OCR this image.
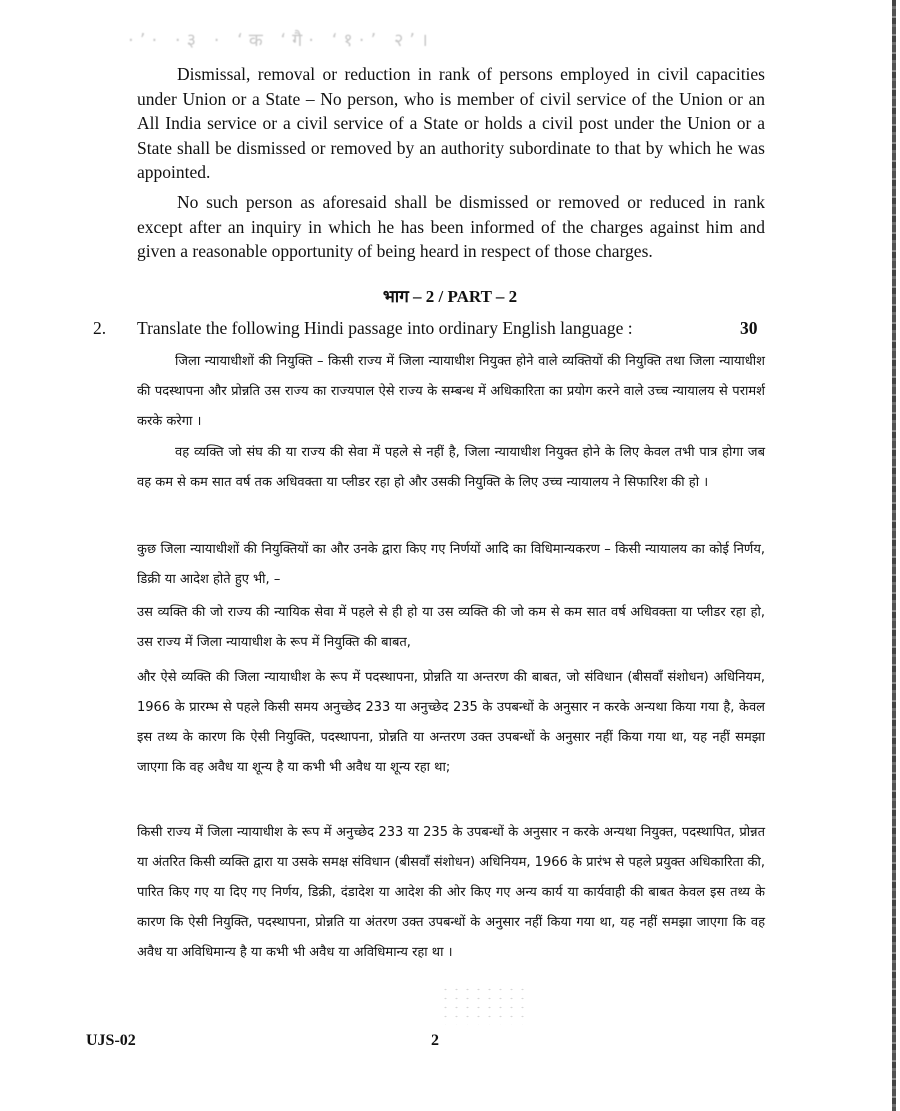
·’· ·३ · ‘क ‘गै· ‘१·’ २’।

Dismissal, removal or reduction in rank of persons employed in civil capacities under Union or a State – No person, who is member of civil service of the Union or an All India service or a civil service of a State or holds a civil post under the Union or a State shall be dismissed or removed by an authority subordinate to that by which he was appointed.

No such person as aforesaid shall be dismissed or removed or reduced in rank except after an inquiry in which he has been informed of the charges against him and given a reasonable opportunity of being heard in respect of those charges.

भाग – 2 / PART – 2
2. Translate the following Hindi passage into ordinary English language :	30

जिला न्यायाधीशों की नियुक्ति – किसी राज्य में जिला न्यायाधीश नियुक्त होने वाले व्यक्तियों की नियुक्ति तथा जिला न्यायाधीश की पदस्थापना और प्रोन्नति उस राज्य का राज्यपाल ऐसे राज्य के सम्बन्ध में अधिकारिता का प्रयोग करने वाले उच्च न्यायालय से परामर्श करके करेगा ।

वह व्यक्ति जो संघ की या राज्य की सेवा में पहले से नहीं है, जिला न्यायाधीश नियुक्त होने के लिए केवल तभी पात्र होगा जब वह कम से कम सात वर्ष तक अधिवक्ता या प्लीडर रहा हो और उसकी नियुक्ति के लिए उच्च न्यायालय ने सिफारिश की हो ।

कुछ जिला न्यायाधीशों की नियुक्तियों का और उनके द्वारा किए गए निर्णयों आदि का विधिमान्यकरण – किसी न्यायालय का कोई निर्णय, डिक्री या आदेश होते हुए भी, –

उस व्यक्ति की जो राज्य की न्यायिक सेवा में पहले से ही हो या उस व्यक्ति की जो कम से कम सात वर्ष अधिवक्ता या प्लीडर रहा हो, उस राज्य में जिला न्यायाधीश के रूप में नियुक्ति की बाबत,

और ऐसे व्यक्ति की जिला न्यायाधीश के रूप में पदस्थापना, प्रोन्नति या अन्तरण की बाबत, जो संविधान (बीसवाँ संशोधन) अधिनियम, 1966 के प्रारम्भ से पहले किसी समय अनुच्छेद 233 या अनुच्छेद 235 के उपबन्धों के अनुसार न करके अन्यथा किया गया है, केवल इस तथ्य के कारण कि ऐसी नियुक्ति, पदस्थापना, प्रोन्नति या अन्तरण उक्त उपबन्धों के अनुसार नहीं किया गया था, यह नहीं समझा जाएगा कि वह अवैध या शून्य है या कभी भी अवैध या शून्य रहा था;

किसी राज्य में जिला न्यायाधीश के रूप में अनुच्छेद 233 या 235 के उपबन्धों के अनुसार न करके अन्यथा नियुक्त, पदस्थापित, प्रोन्नत या अंतरित किसी व्यक्ति द्वारा या उसके समक्ष संविधान (बीसवाँ संशोधन) अधिनियम, 1966 के प्रारंभ से पहले प्रयुक्त अधिकारिता की, पारित किए गए या दिए गए निर्णय, डिक्री, दंडादेश या आदेश की ओर किए गए अन्य कार्य या कार्यवाही की बाबत केवल इस तथ्य के कारण कि ऐसी नियुक्ति, पदस्थापना, प्रोन्नति या अंतरण उक्त उपबन्धों के अनुसार नहीं किया गया था, यह नहीं समझा जाएगा कि वह अवैध या अविधिमान्य है या कभी भी अवैध या अविधिमान्य रहा था ।

UJS-02	2
